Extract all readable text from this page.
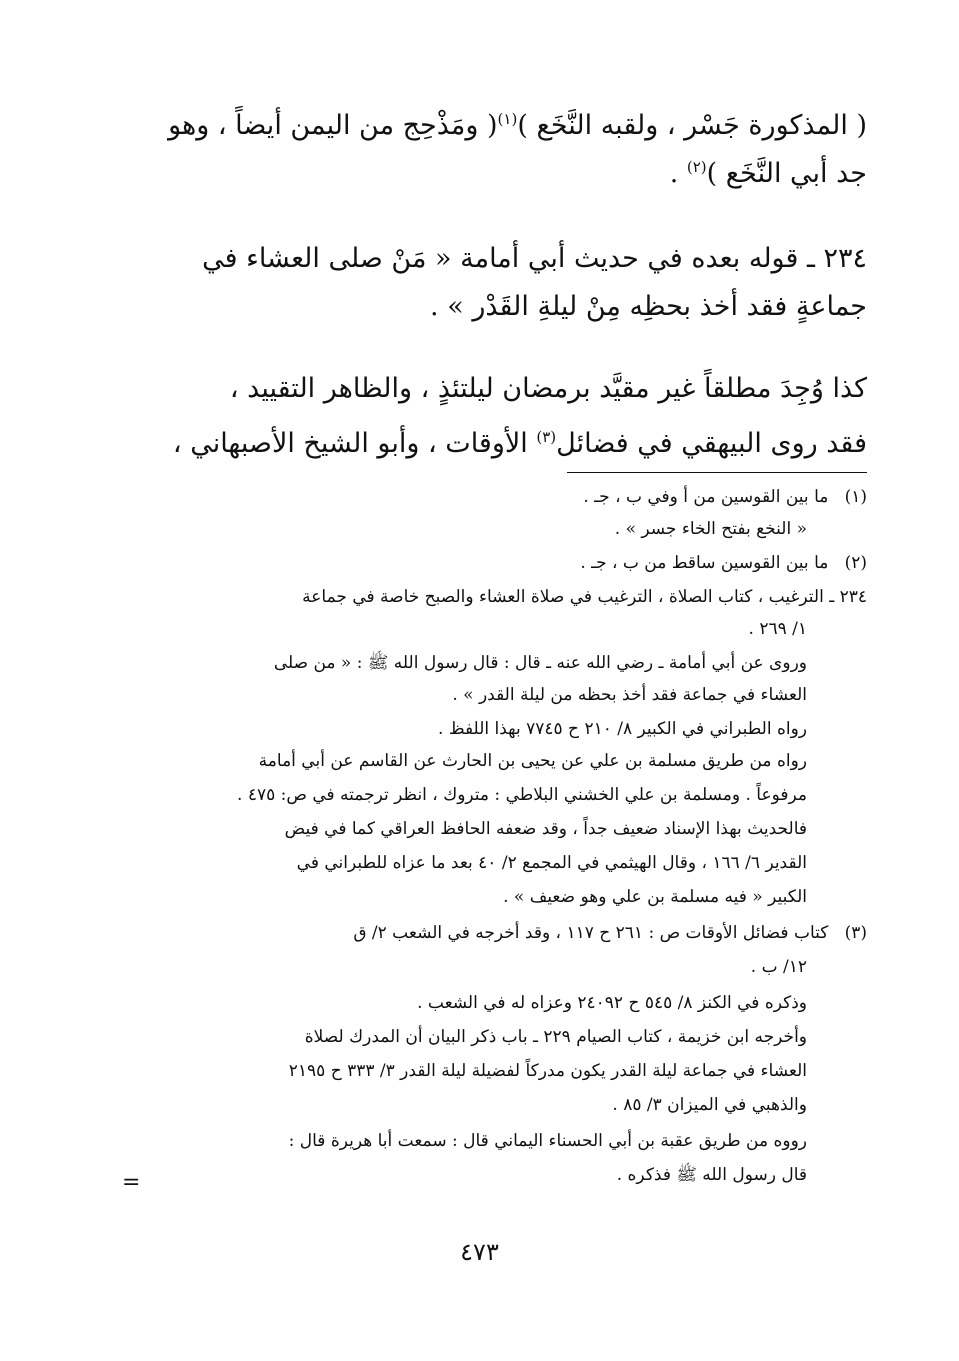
( المذكورة جَسْر ، ولقبه النَّخَع )$^{(١)}$( ومَذْحِج من اليمن أيضاً ، وهو
جد أبي النَّخَع )$^{(٢)}$ .
٢٣٤ ـ قوله بعده في حديث أبي أمامة « مَنْ صلى العشاء في
جماعةٍ فقد أخذ بحظِه مِنْ ليلةِ القَدْر » .
كذا وُجِدَ مطلقاً غير مقيَّد برمضان ليلتئذٍ ، والظاهر التقييد ،
فقد روى البيهقي في فضائل$^{(٣)}$ الأوقات ، وأبو الشيخ الأصبهاني ،
(١)   ما بين القوسين من أ وفي ب ، جـ .
« النخع بفتح الخاء جسر » .
(٢)   ما بين القوسين ساقط من ب ، جـ .
٢٣٤ ـ الترغيب ، كتاب الصلاة ، الترغيب في صلاة العشاء والصبح خاصة في جماعة
١/ ٢٦٩ .
وروى عن أبي أمامة ـ رضي الله عنه ـ قال : قال رسول الله ﷺ : « من صلى
العشاء في جماعة فقد أخذ بحظه من ليلة القدر » .
رواه الطبراني في الكبير ٨/ ٢١٠ ح ٧٧٤٥ بهذا اللفظ .
رواه من طريق مسلمة بن علي عن يحيى بن الحارث عن القاسم عن أبي أمامة
مرفوعاً . ومسلمة بن علي الخشني البلاطي : متروك ، انظر ترجمته في ص: ٤٧٥ .
فالحديث بهذا الإسناد ضعيف جداً ، وقد ضعفه الحافظ العراقي كما في فيض
القدير ٦/ ١٦٦ ، وقال الهيثمي في المجمع ٢/ ٤٠ بعد ما عزاه للطبراني في
الكبير « فيه مسلمة بن علي وهو ضعيف » .
(٣)   كتاب فضائل الأوقات ص : ٢٦١ ح ١١٧ ، وقد أخرجه في الشعب ٢/ ق
١٢/ ب .
وذكره في الكنز ٨/ ٥٤٥ ح ٢٤٠٩٢ وعزاه له في الشعب .
وأخرجه ابن خزيمة ، كتاب الصيام ٢٢٩ ـ باب ذكر البيان أن المدرك لصلاة
العشاء في جماعة ليلة القدر يكون مدركاً لفضيلة ليلة القدر ٣/ ٣٣٣ ح ٢١٩٥
والذهبي في الميزان ٣/ ٨٥ .
رووه من طريق عقبة بن أبي الحسناء اليماني قال : سمعت أبا هريرة قال :
قال رسول الله ﷺ فذكره .
=
٤٧٣
